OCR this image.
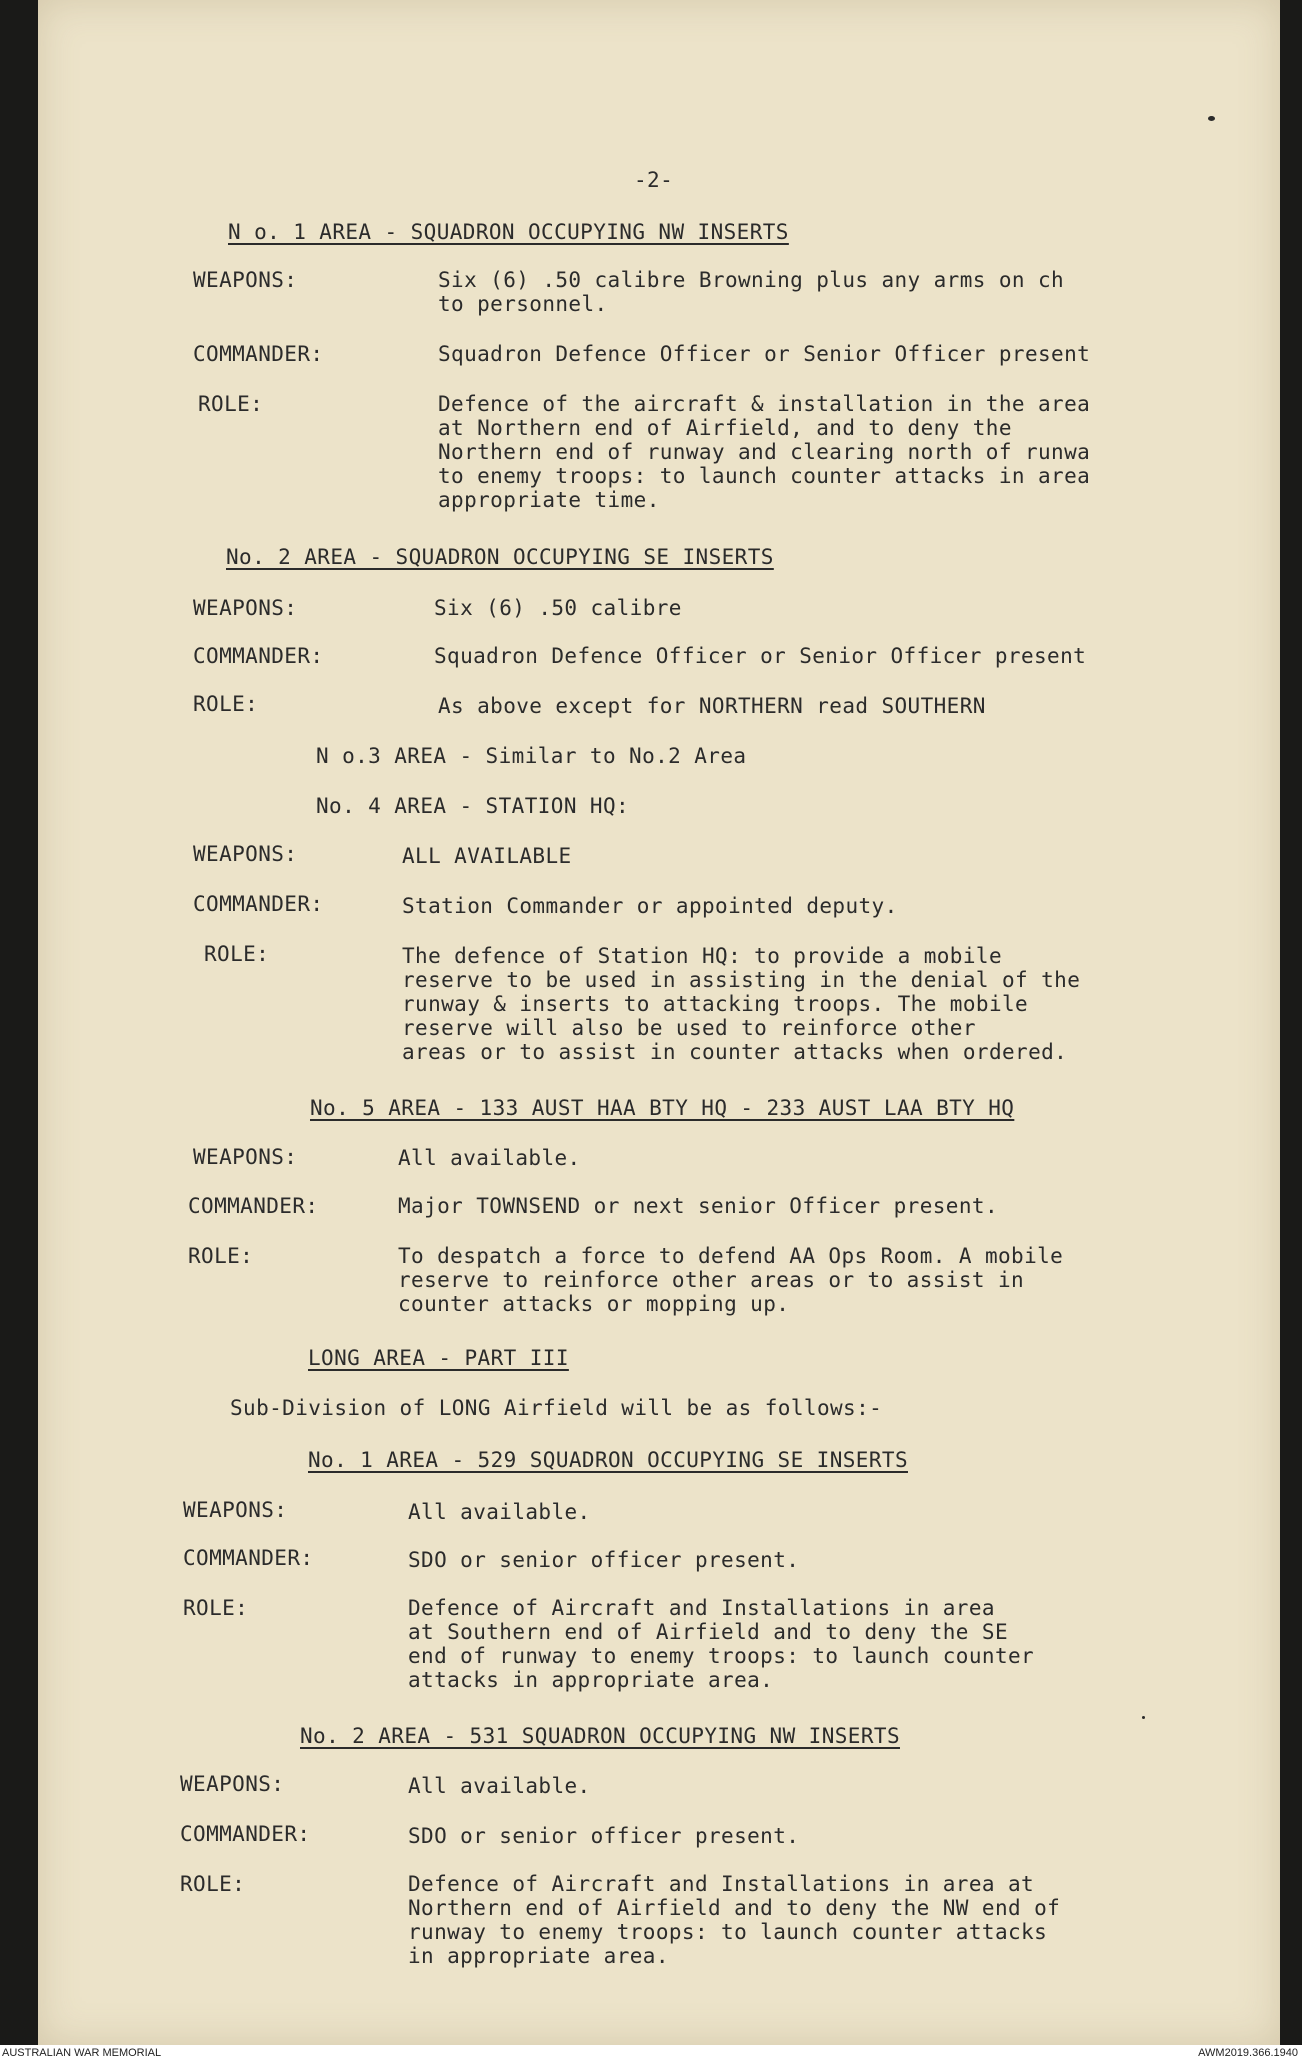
-2-
N o. 1 AREA - SQUADRON OCCUPYING NW INSERTS
WEAPONS:	Six (6) .50 calibre Browning plus any arms on ch
to personnel.
COMMANDER:	Squadron Defence Officer or Senior Officer present
ROLE:	Defence of the aircraft & installation in the area
at Northern end of Airfield, and to deny the
Northern end of runway and clearing north of runwa
to enemy troops: to launch counter attacks in area
appropriate time.
No. 2 AREA - SQUADRON OCCUPYING SE INSERTS
WEAPONS:	Six (6) .50 calibre
COMMANDER:	Squadron Defence Officer or Senior Officer present
ROLE:	As above except for NORTHERN read SOUTHERN
N o.3 AREA - Similar to No.2 Area
No. 4 AREA - STATION HQ:
WEAPONS:	ALL AVAILABLE
COMMANDER:	Station Commander or appointed deputy.
ROLE:	The defence of Station HQ: to provide a mobile
reserve to be used in assisting in the denial of the
runway & inserts to attacking troops. The mobile
reserve will also be used to reinforce other
areas or to assist in counter attacks when ordered.
No. 5 AREA - 133 AUST HAA BTY HQ - 233 AUST LAA BTY HQ
WEAPONS:	All available.
COMMANDER:	Major TOWNSEND or next senior Officer present.
ROLE:	To despatch a force to defend AA Ops Room. A mobile
reserve to reinforce other areas or to assist in
counter attacks or mopping up.
LONG AREA - PART III
Sub-Division of LONG Airfield will be as follows:-
No. 1 AREA - 529 SQUADRON OCCUPYING SE INSERTS
WEAPONS:	All available.
COMMANDER:	SDO or senior officer present.
ROLE:	Defence of Aircraft and Installations in area
at Southern end of Airfield and to deny the SE
end of runway to enemy troops: to launch counter
attacks in appropriate area.
No. 2 AREA - 531 SQUADRON OCCUPYING NW INSERTS
WEAPONS:	All available.
COMMANDER:	SDO or senior officer present.
ROLE:	Defence of Aircraft and Installations in area at
Northern end of Airfield and to deny the NW end of
runway to enemy troops: to launch counter attacks
in appropriate area.
AUSTRALIAN WAR MEMORIAL	AWM2019.366.1940
